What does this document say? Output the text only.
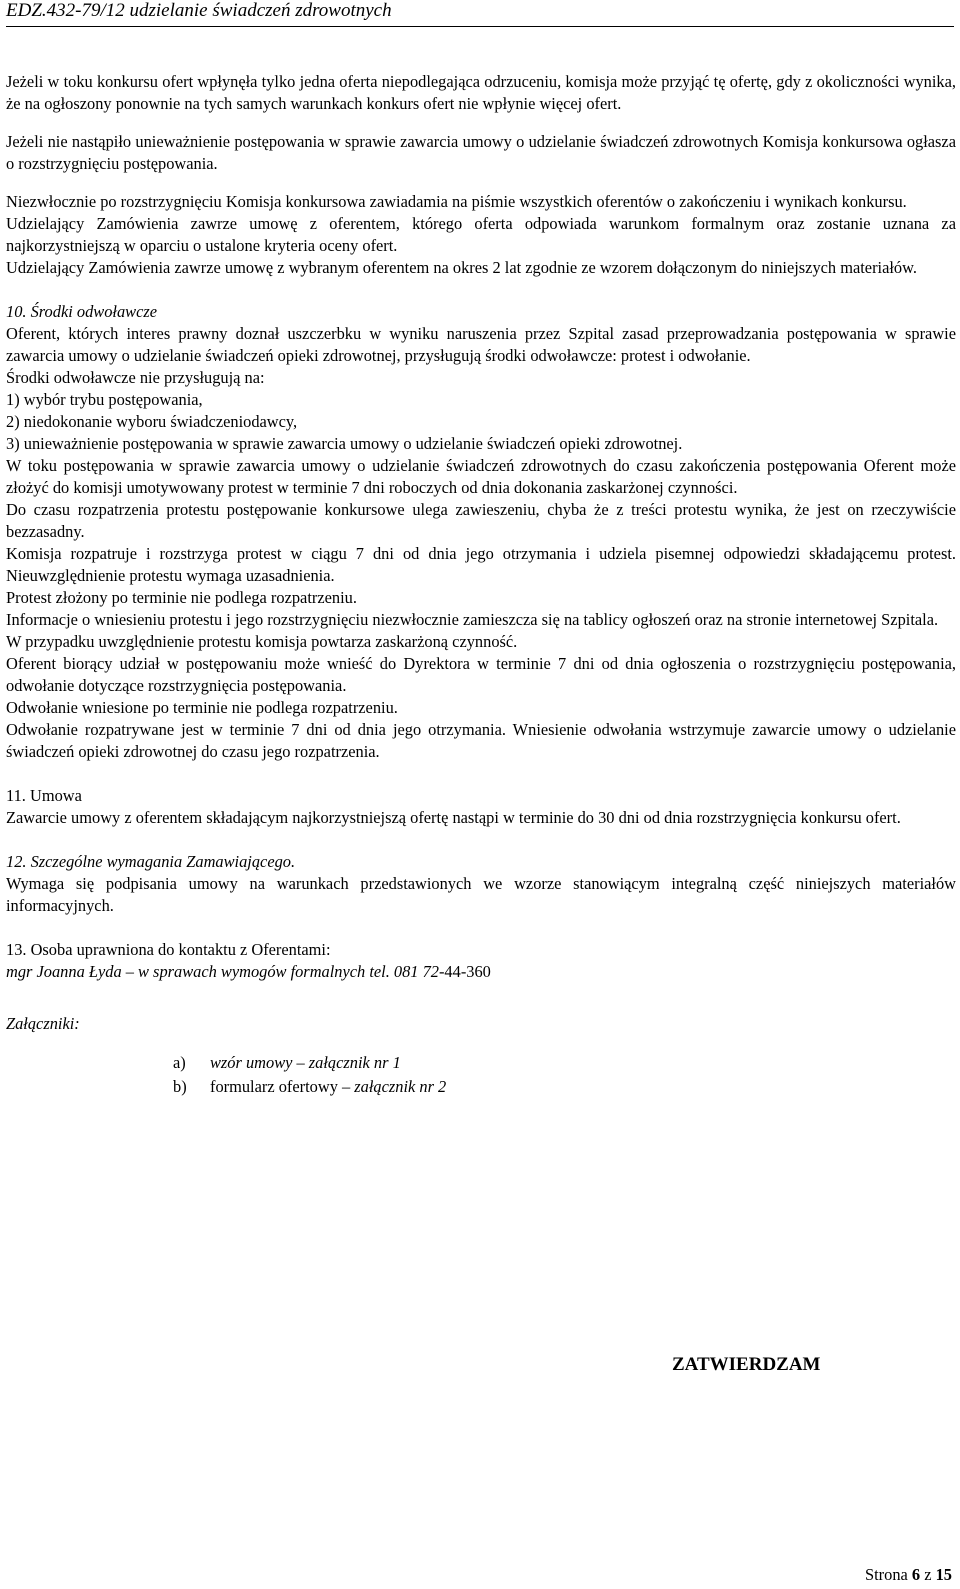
EDZ.432-79/12 udzielanie świadczeń zdrowotnych

Jeżeli w toku konkursu ofert wpłynęła tylko jedna oferta niepodlegająca odrzuceniu, komisja może przyjąć tę ofertę, gdy z okoliczności wynika, że na ogłoszony ponownie na tych samych warunkach konkurs ofert nie wpłynie więcej ofert.

Jeżeli nie nastąpiło unieważnienie postępowania w sprawie zawarcia umowy o udzielanie świadczeń zdrowotnych Komisja konkursowa ogłasza o rozstrzygnięciu postępowania.

Niezwłocznie po rozstrzygnięciu Komisja konkursowa zawiadamia na piśmie wszystkich oferentów o zakończeniu i wynikach konkursu.

Udzielający Zamówienia zawrze umowę z oferentem, którego oferta odpowiada warunkom formalnym oraz zostanie uznana za najkorzystniejszą w oparciu o ustalone kryteria oceny ofert.

Udzielający Zamówienia zawrze umowę z wybranym oferentem na okres 2 lat zgodnie ze wzorem dołączonym do niniejszych materiałów.

10. Środki odwoławcze

Oferent, których interes prawny doznał uszczerbku w wyniku naruszenia przez Szpital zasad przeprowadzania postępowania w sprawie zawarcia umowy o udzielanie świadczeń opieki zdrowotnej, przysługują środki odwoławcze: protest i odwołanie.

Środki odwoławcze nie przysługują na:

1) wybór trybu postępowania,

2) niedokonanie wyboru świadczeniodawcy,

3) unieważnienie postępowania w sprawie zawarcia umowy o udzielanie świadczeń opieki zdrowotnej.

W toku postępowania w sprawie zawarcia umowy o udzielanie świadczeń zdrowotnych do czasu zakończenia postępowania Oferent może złożyć do komisji umotywowany protest w terminie 7 dni roboczych od dnia dokonania zaskarżonej czynności.

Do czasu rozpatrzenia protestu postępowanie konkursowe ulega zawieszeniu, chyba że z treści protestu wynika, że jest on rzeczywiście bezzasadny.

Komisja rozpatruje i rozstrzyga protest w ciągu 7 dni od dnia jego otrzymania i udziela pisemnej odpowiedzi składającemu protest. Nieuwzględnienie protestu wymaga uzasadnienia.

Protest złożony po terminie nie podlega rozpatrzeniu.

Informacje o wniesieniu protestu i jego rozstrzygnięciu niezwłocznie zamieszcza się na tablicy ogłoszeń oraz na stronie internetowej Szpitala.

W przypadku uwzględnienie protestu komisja powtarza zaskarżoną czynność.

Oferent biorący udział w postępowaniu może wnieść do Dyrektora w terminie 7 dni od dnia ogłoszenia o rozstrzygnięciu postępowania, odwołanie dotyczące rozstrzygnięcia postępowania.

Odwołanie wniesione po terminie nie podlega rozpatrzeniu.

Odwołanie rozpatrywane jest w terminie 7 dni od dnia jego otrzymania. Wniesienie odwołania wstrzymuje zawarcie umowy o udzielanie świadczeń opieki zdrowotnej do czasu jego rozpatrzenia.

11. Umowa

Zawarcie umowy z oferentem składającym najkorzystniejszą ofertę nastąpi w terminie do 30 dni od dnia rozstrzygnięcia konkursu ofert.

12. Szczególne wymagania Zamawiającego.

Wymaga się podpisania umowy na warunkach przedstawionych we wzorze stanowiącym integralną część niniejszych materiałów informacyjnych.

13. Osoba uprawniona do kontaktu z Oferentami:

mgr Joanna Łyda – w sprawach wymogów formalnych tel. 081 72-44-360

Załączniki:

a) wzór umowy – załącznik nr 1
b) formularz ofertowy – załącznik nr 2
ZATWIERDZAM
Strona 6 z 15
